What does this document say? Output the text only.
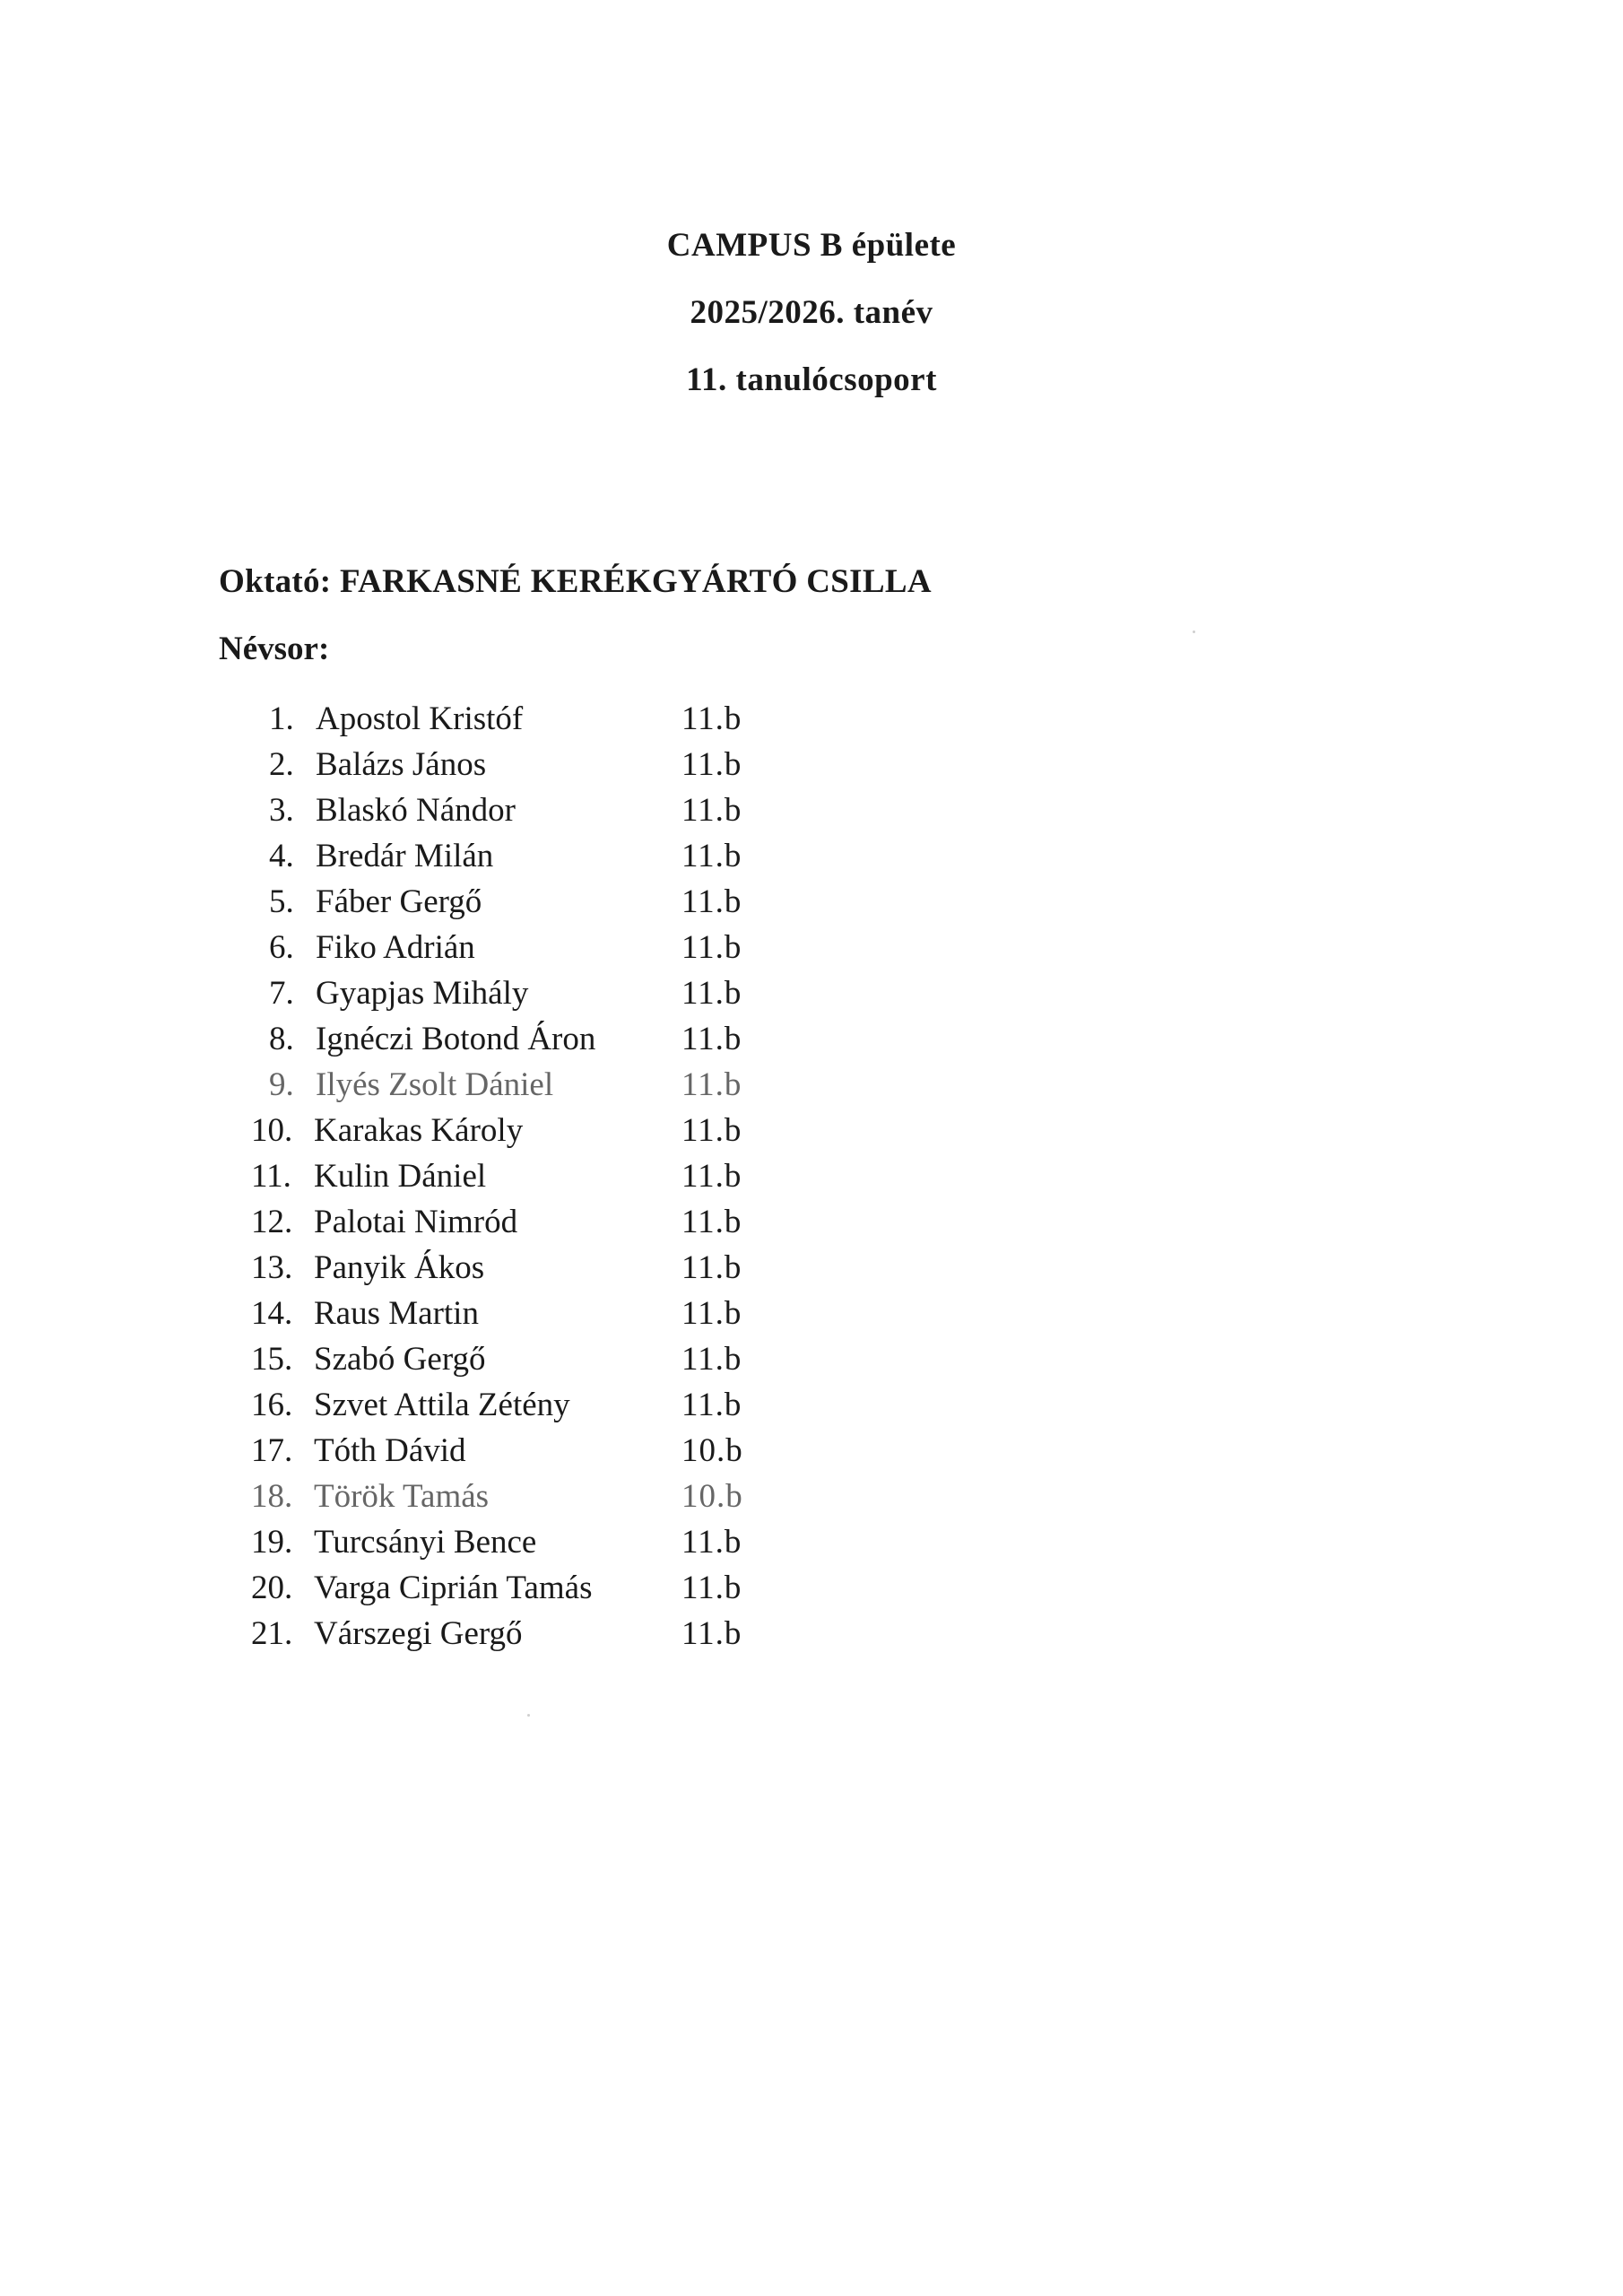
CAMPUS B épülete
2025/2026. tanév
11. tanulócsoport
Oktató: FARKASNÉ KERÉKGYÁRTÓ CSILLA
Névsor:
1. Apostol Kristóf	11.b
2. Balázs János	11.b
3. Blaskó Nándor	11.b
4. Bredár Milán	11.b
5. Fáber Gergő	11.b
6. Fiko Adrián	11.b
7. Gyapjas Mihály	11.b
8. Ignéczi Botond Áron	11.b
9. Ilyés Zsolt Dániel	11.b
10. Karakas Károly	11.b
11. Kulin Dániel	11.b
12. Palotai Nimród	11.b
13. Panyik Ákos	11.b
14. Raus Martin	11.b
15. Szabó Gergő	11.b
16. Szvet Attila Zétény	11.b
17. Tóth Dávid	10.b
18. Török Tamás	10.b
19. Turcsányi Bence	11.b
20. Varga Ciprián Tamás	11.b
21. Várszegi Gergő	11.b
